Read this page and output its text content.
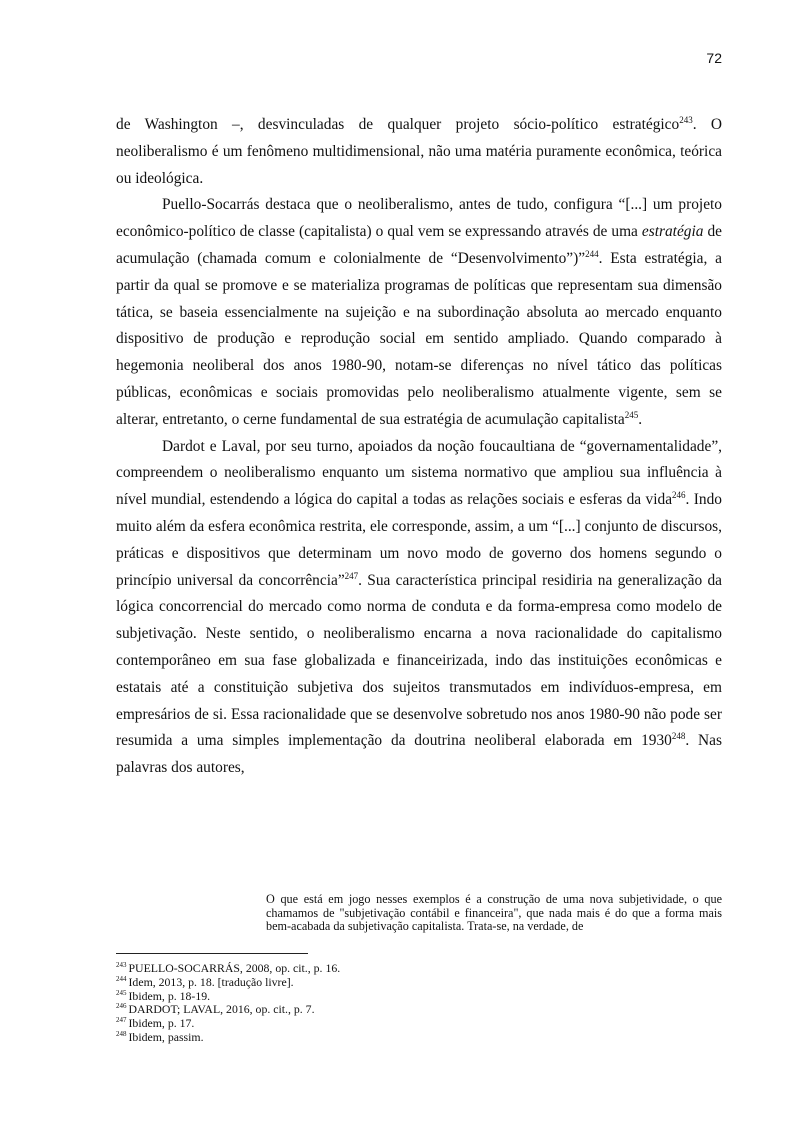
72

de Washington –, desvinculadas de qualquer projeto sócio-político estratégico$^{243}$. O neoliberalismo é um fenômeno multidimensional, não uma matéria puramente econômica, teórica ou ideológica.

Puello-Socarrás destaca que o neoliberalismo, antes de tudo, configura “[...] um projeto econômico-político de classe (capitalista) o qual vem se expressando através de uma estratégia de acumulação (chamada comum e colonialmente de “Desenvolvimento”)”$^{244}$. Esta estratégia, a partir da qual se promove e se materializa programas de políticas que representam sua dimensão tática, se baseia essencialmente na sujeição e na subordinação absoluta ao mercado enquanto dispositivo de produção e reprodução social em sentido ampliado. Quando comparado à hegemonia neoliberal dos anos 1980-90, notam-se diferenças no nível tático das políticas públicas, econômicas e sociais promovidas pelo neoliberalismo atualmente vigente, sem se alterar, entretanto, o cerne fundamental de sua estratégia de acumulação capitalista$^{245}$.

Dardot e Laval, por seu turno, apoiados da noção foucaultiana de “governamentalidade”, compreendem o neoliberalismo enquanto um sistema normativo que ampliou sua influência à nível mundial, estendendo a lógica do capital a todas as relações sociais e esferas da vida$^{246}$. Indo muito além da esfera econômica restrita, ele corresponde, assim, a um “[...] conjunto de discursos, práticas e dispositivos que determinam um novo modo de governo dos homens segundo o princípio universal da concorrência”$^{247}$. Sua característica principal residiria na generalização da lógica concorrencial do mercado como norma de conduta e da forma-empresa como modelo de subjetivação. Neste sentido, o neoliberalismo encarna a nova racionalidade do capitalismo contemporâneo em sua fase globalizada e financeirizada, indo das instituições econômicas e estatais até a constituição subjetiva dos sujeitos transmutados em indivíduos-empresa, em empresários de si. Essa racionalidade que se desenvolve sobretudo nos anos 1980-90 não pode ser resumida a uma simples implementação da doutrina neoliberal elaborada em 1930$^{248}$. Nas palavras dos autores,

O que está em jogo nesses exemplos é a construção de uma nova subjetividade, o que chamamos de "subjetivação contábil e financeira", que nada mais é do que a forma mais bem-acabada da subjetivação capitalista. Trata-se, na verdade, de

$^{243}$ PUELLO-SOCARRÁS, 2008, op. cit., p. 16.

$^{244}$ Idem, 2013, p. 18. [tradução livre].

$^{245}$ Ibidem, p. 18-19.

$^{246}$ DARDOT; LAVAL, 2016, op. cit., p. 7.

$^{247}$ Ibidem, p. 17.

$^{248}$ Ibidem, passim.
